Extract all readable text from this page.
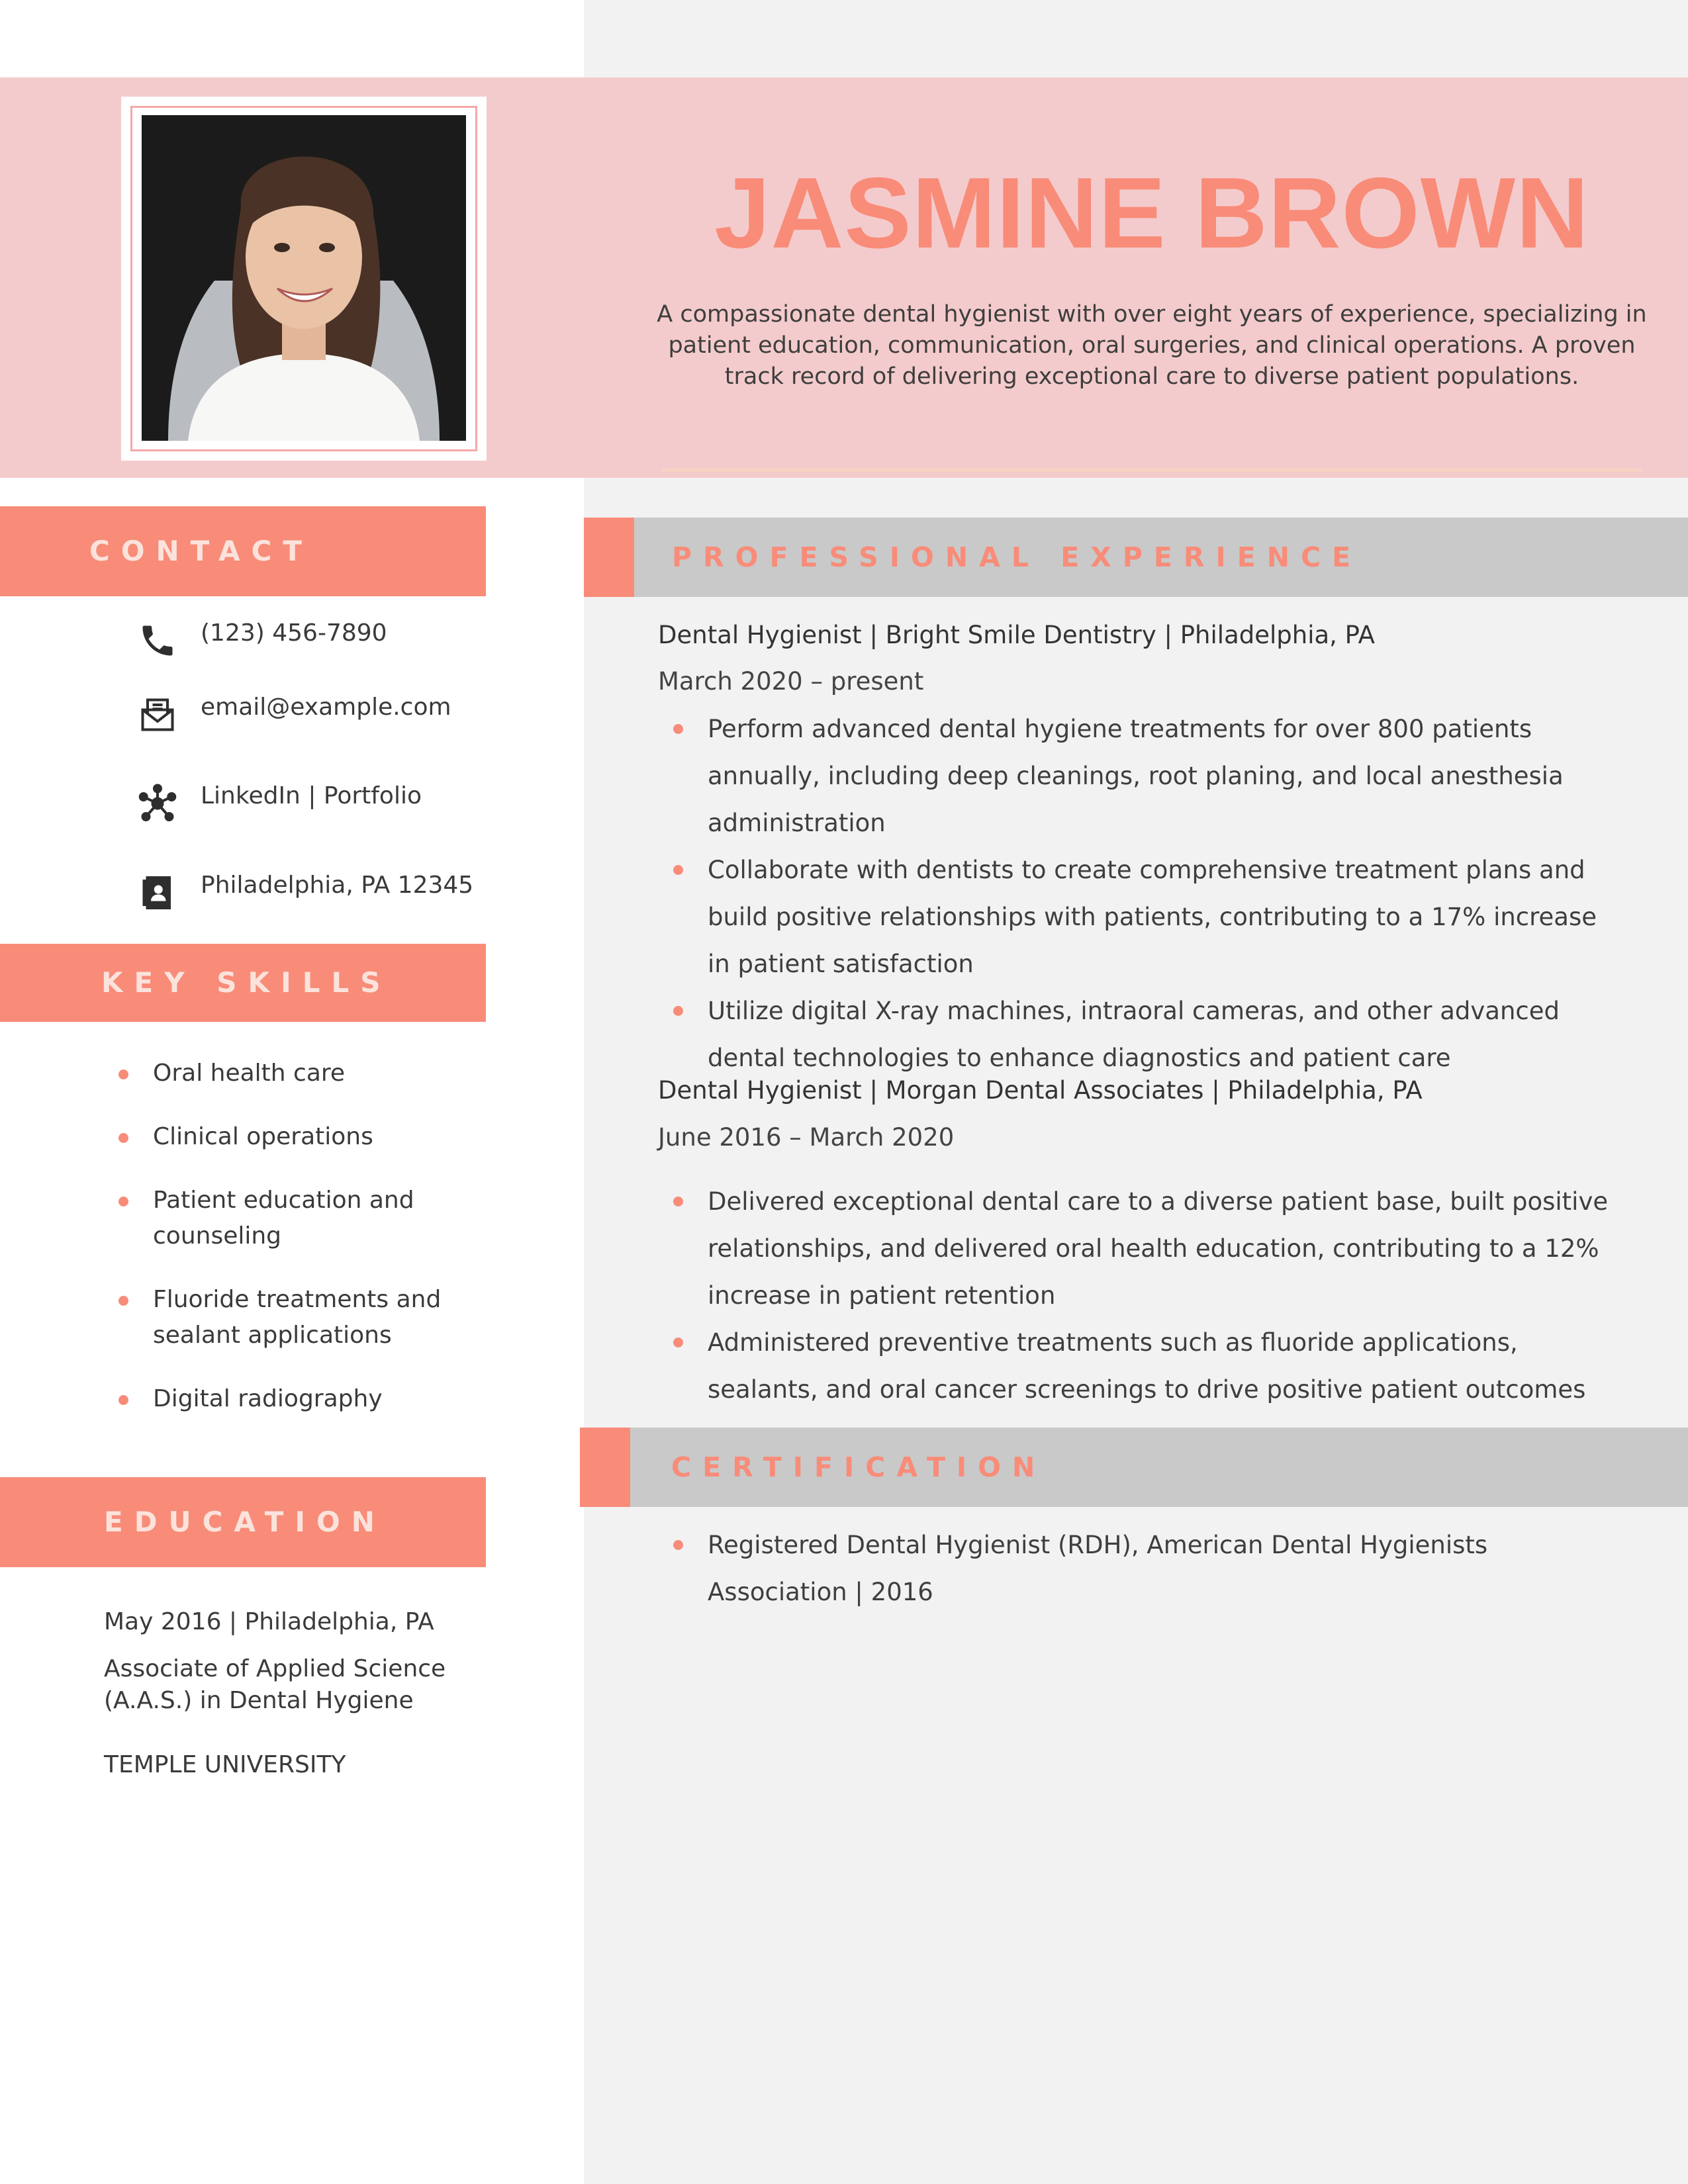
JASMINE BROWN
A compassionate dental hygienist with over eight years of experience, specializing in patient education, communication, oral surgeries, and clinical operations. A proven track record of delivering exceptional care to diverse patient populations.
CONTACT
(123) 456-7890
email@example.com
LinkedIn | Portfolio
Philadelphia, PA 12345
KEY SKILLS
Oral health care
Clinical operations
Patient education and counseling
Fluoride treatments and sealant applications
Digital radiography
EDUCATION
May 2016 | Philadelphia, PA
Associate of Applied Science (A.A.S.) in Dental Hygiene
TEMPLE UNIVERSITY
PROFESSIONAL EXPERIENCE
Dental Hygienist | Bright Smile Dentistry | Philadelphia, PA
March 2020 – present
Perform advanced dental hygiene treatments for over 800 patients annually, including deep cleanings, root planing, and local anesthesia administration
Collaborate with dentists to create comprehensive treatment plans and build positive relationships with patients, contributing to a 17% increase in patient satisfaction
Utilize digital X-ray machines, intraoral cameras, and other advanced dental technologies to enhance diagnostics and patient care
Dental Hygienist | Morgan Dental Associates | Philadelphia, PA
June 2016 – March 2020
Delivered exceptional dental care to a diverse patient base, built positive relationships, and delivered oral health education, contributing to a 12% increase in patient retention
Administered preventive treatments such as fluoride applications, sealants, and oral cancer screenings to drive positive patient outcomes
CERTIFICATION
Registered Dental Hygienist (RDH), American Dental Hygienists Association | 2016
